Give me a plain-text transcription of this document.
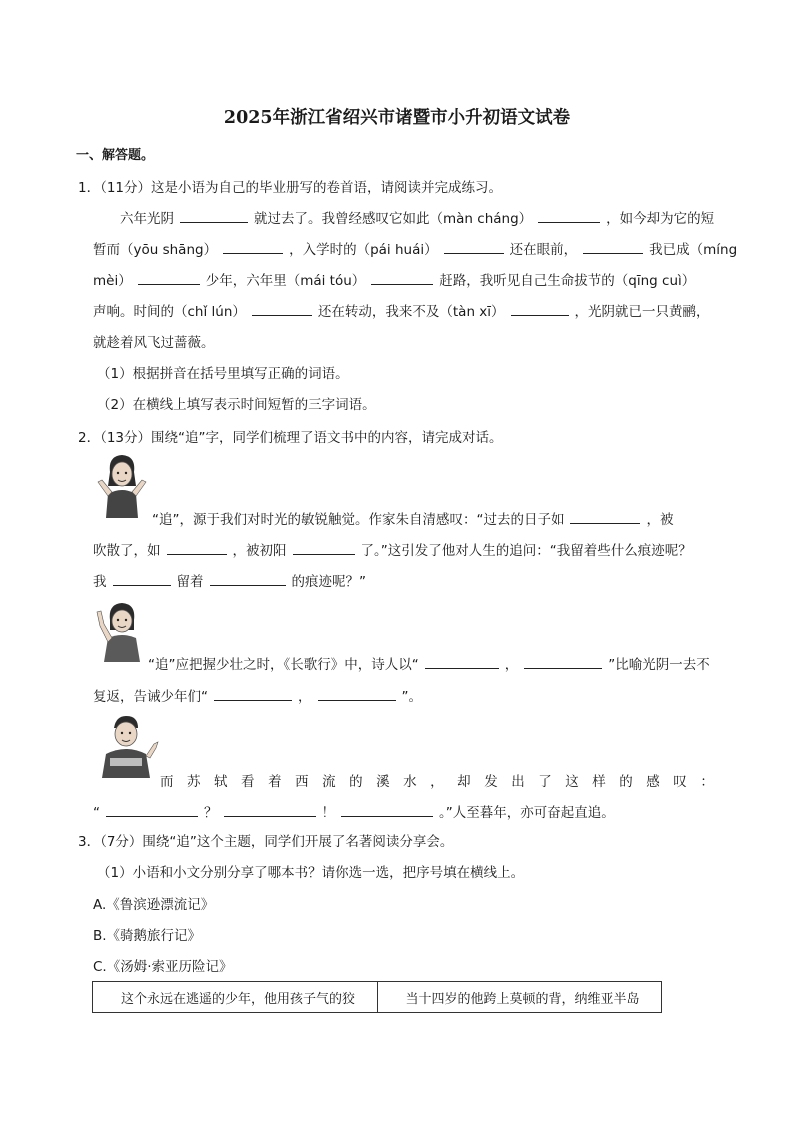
2025年浙江省绍兴市诸暨市小升初语文试卷
一、解答题。
1．（11分）这是小语为自己的毕业册写的卷首语，请阅读并完成练习。
六年光阴	就过去了。我曾经感叹它如此（màn cháng）	，如今却为它的短
暂而（yōu shāng）	，入学时的（pái huái）	还在眼前，	我已成（míng
mèi）	少年，六年里（mái tóu）	赶路，我听见自己生命拔节的（qīng cuì）
声响。时间的（chǐ lún）	还在转动，我来不及（tàn xī）	，光阴就已一只黄鹂，
就趁着风飞过蔷薇。
（1）根据拼音在括号里填写正确的词语。
（2）在横线上填写表示时间短暂的三字词语。
2．（13分）围绕“追”字，同学们梳理了语文书中的内容，请完成对话。
“追”，源于我们对时光的敏锐触觉。作家朱自清感叹：“过去的日子如	，被
吹散了，如	，被初阳	了。”这引发了他对人生的追问：“我留着些什么痕迹呢？
我	留着	的痕迹呢？”
“追”应把握少壮之时，《长歌行》中，诗人以“	，	”比喻光阴一去不
复返，告诫少年们“	，	”。
而 苏 轼 看 着 西 流 的 溪 水 ， 却 发 出 了 这 样 的 感 叹 ：
“	？	！	。”人至暮年，亦可奋起直追。
3．（7分）围绕“追”这个主题，同学们开展了名著阅读分享会。
（1）小语和小文分别分享了哪本书？请你选一选，把序号填在横线上。
A.《鲁滨逊漂流记》
B.《骑鹅旅行记》
C.《汤姆·索亚历险记》
这个永远在逃遥的少年，他用孩子气的狡	当十四岁的他跨上莫顿的背，纳维亚半岛
